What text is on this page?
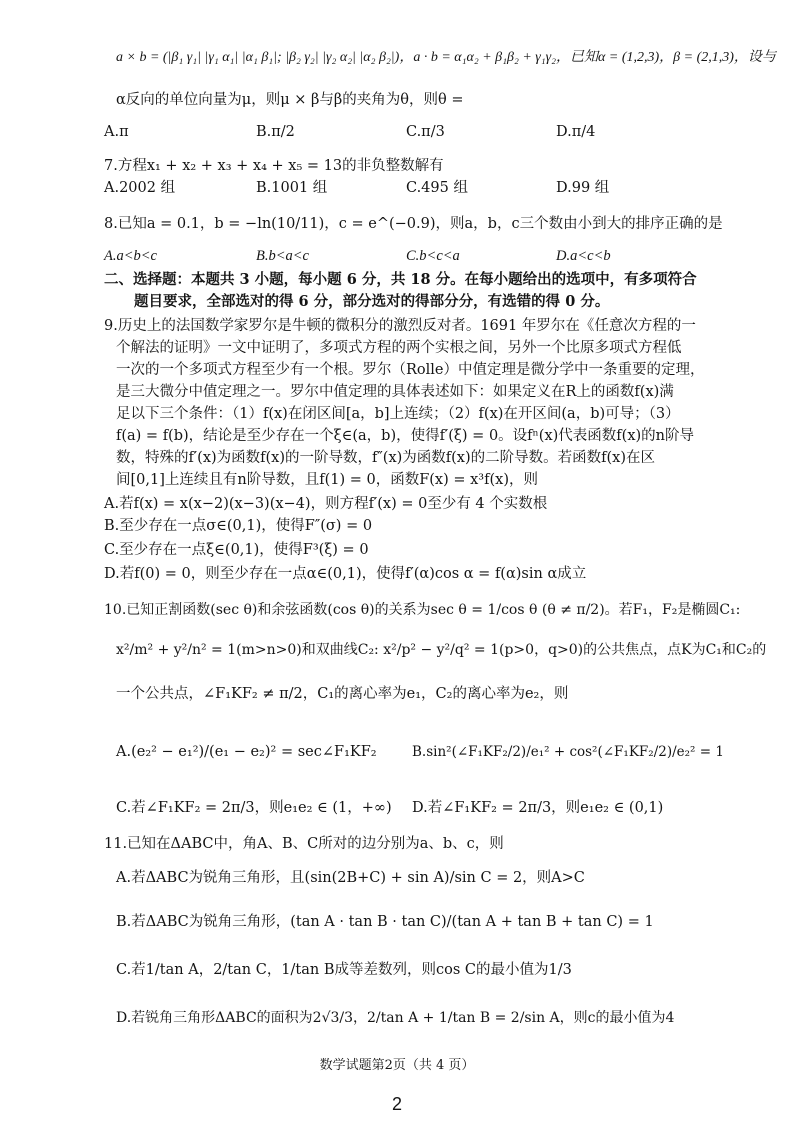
a × b = (|β₁ γ₁| |γ₁ α₁| |α₁ β₁|; |β₂ γ₂| |γ₂ α₂| |α₂ β₂|)，a · b = α₁α₂ + β₁β₂ + γ₁γ₂，已知α = (1,2,3)，β = (2,1,3)，设与
α反向的单位向量为μ，则μ × β与β的夹角为θ，则θ =
A.π	B.π/2	C.π/3	D.π/4
7.方程x₁ + x₂ + x₃ + x₄ + x₅ = 13的非负整数解有
A.2002 组	B.1001 组	C.495 组	D.99 组
8.已知a = 0.1，b = −ln(10/11)，c = e^(−0.9)，则a，b，c三个数由小到大的排序正确的是
A.a<b<c	B.b<a<c	C.b<c<a	D.a<c<b
二、选择题：本题共 3 小题，每小题 6 分，共 18 分。在每小题给出的选项中，有多项符合
题目要求，全部选对的得 6 分，部分选对的得部分分，有选错的得 0 分。
9.历史上的法国数学家罗尔是牛顿的微积分的激烈反对者。1691 年罗尔在《任意次方程的一
个解法的证明》一文中证明了，多项式方程的两个实根之间，另外一个比原多项式方程低
一次的一个多项式方程至少有一个根。罗尔（Rolle）中值定理是微分学中一条重要的定理，
是三大微分中值定理之一。罗尔中值定理的具体表述如下：如果定义在R上的函数f(x)满
足以下三个条件：（1）f(x)在闭区间[a，b]上连续；（2）f(x)在开区间(a，b)可导；（3）
f(a) = f(b)，结论是至少存在一个ξ∈(a，b)，使得f′(ξ) = 0。设fⁿ(x)代表函数f(x)的n阶导
数，特殊的f′(x)为函数f(x)的一阶导数，f″(x)为函数f(x)的二阶导数。若函数f(x)在区
间[0,1]上连续且有n阶导数，且f(1) = 0，函数F(x) = x³f(x)，则
A.若f(x) = x(x−2)(x−3)(x−4)，则方程f′(x) = 0至少有 4 个实数根
B.至少存在一点σ∈(0,1)，使得F″(σ) = 0
C.至少存在一点ξ∈(0,1)，使得F³(ξ) = 0
D.若f(0) = 0，则至少存在一点α∈(0,1)，使得f′(α)cos α = f(α)sin α成立
10.已知正割函数(sec θ)和余弦函数(cos θ)的关系为sec θ = 1/cos θ (θ ≠ π/2)。若F₁，F₂是椭圆C₁:
x²/m² + y²/n² = 1(m>n>0)和双曲线C₂: x²/p² − y²/q² = 1(p>0，q>0)的公共焦点，点K为C₁和C₂的
一个公共点，∠F₁KF₂ ≠ π/2，C₁的离心率为e₁，C₂的离心率为e₂，则
A.(e₂² − e₁²)/(e₁ − e₂)² = sec∠F₁KF₂	B.sin²(∠F₁KF₂/2)/e₁² + cos²(∠F₁KF₂/2)/e₂² = 1
C.若∠F₁KF₂ = 2π/3，则e₁e₂ ∈ (1，+∞) D.若∠F₁KF₂ = 2π/3，则e₁e₂ ∈ (0,1)
11.已知在ΔABC中，角A、B、C所对的边分别为a、b、c，则
A.若ΔABC为锐角三角形，且(sin(2B+C) + sin A)/sin C = 2，则A>C
B.若ΔABC为锐角三角形，(tan A · tan B · tan C)/(tan A + tan B + tan C) = 1
C.若1/tan A，2/tan C，1/tan B成等差数列，则cos C的最小值为1/3
D.若锐角三角形ΔABC的面积为2√3/3，2/tan A + 1/tan B = 2/sin A，则c的最小值为4
数学试题第2页（共 4 页）
2
